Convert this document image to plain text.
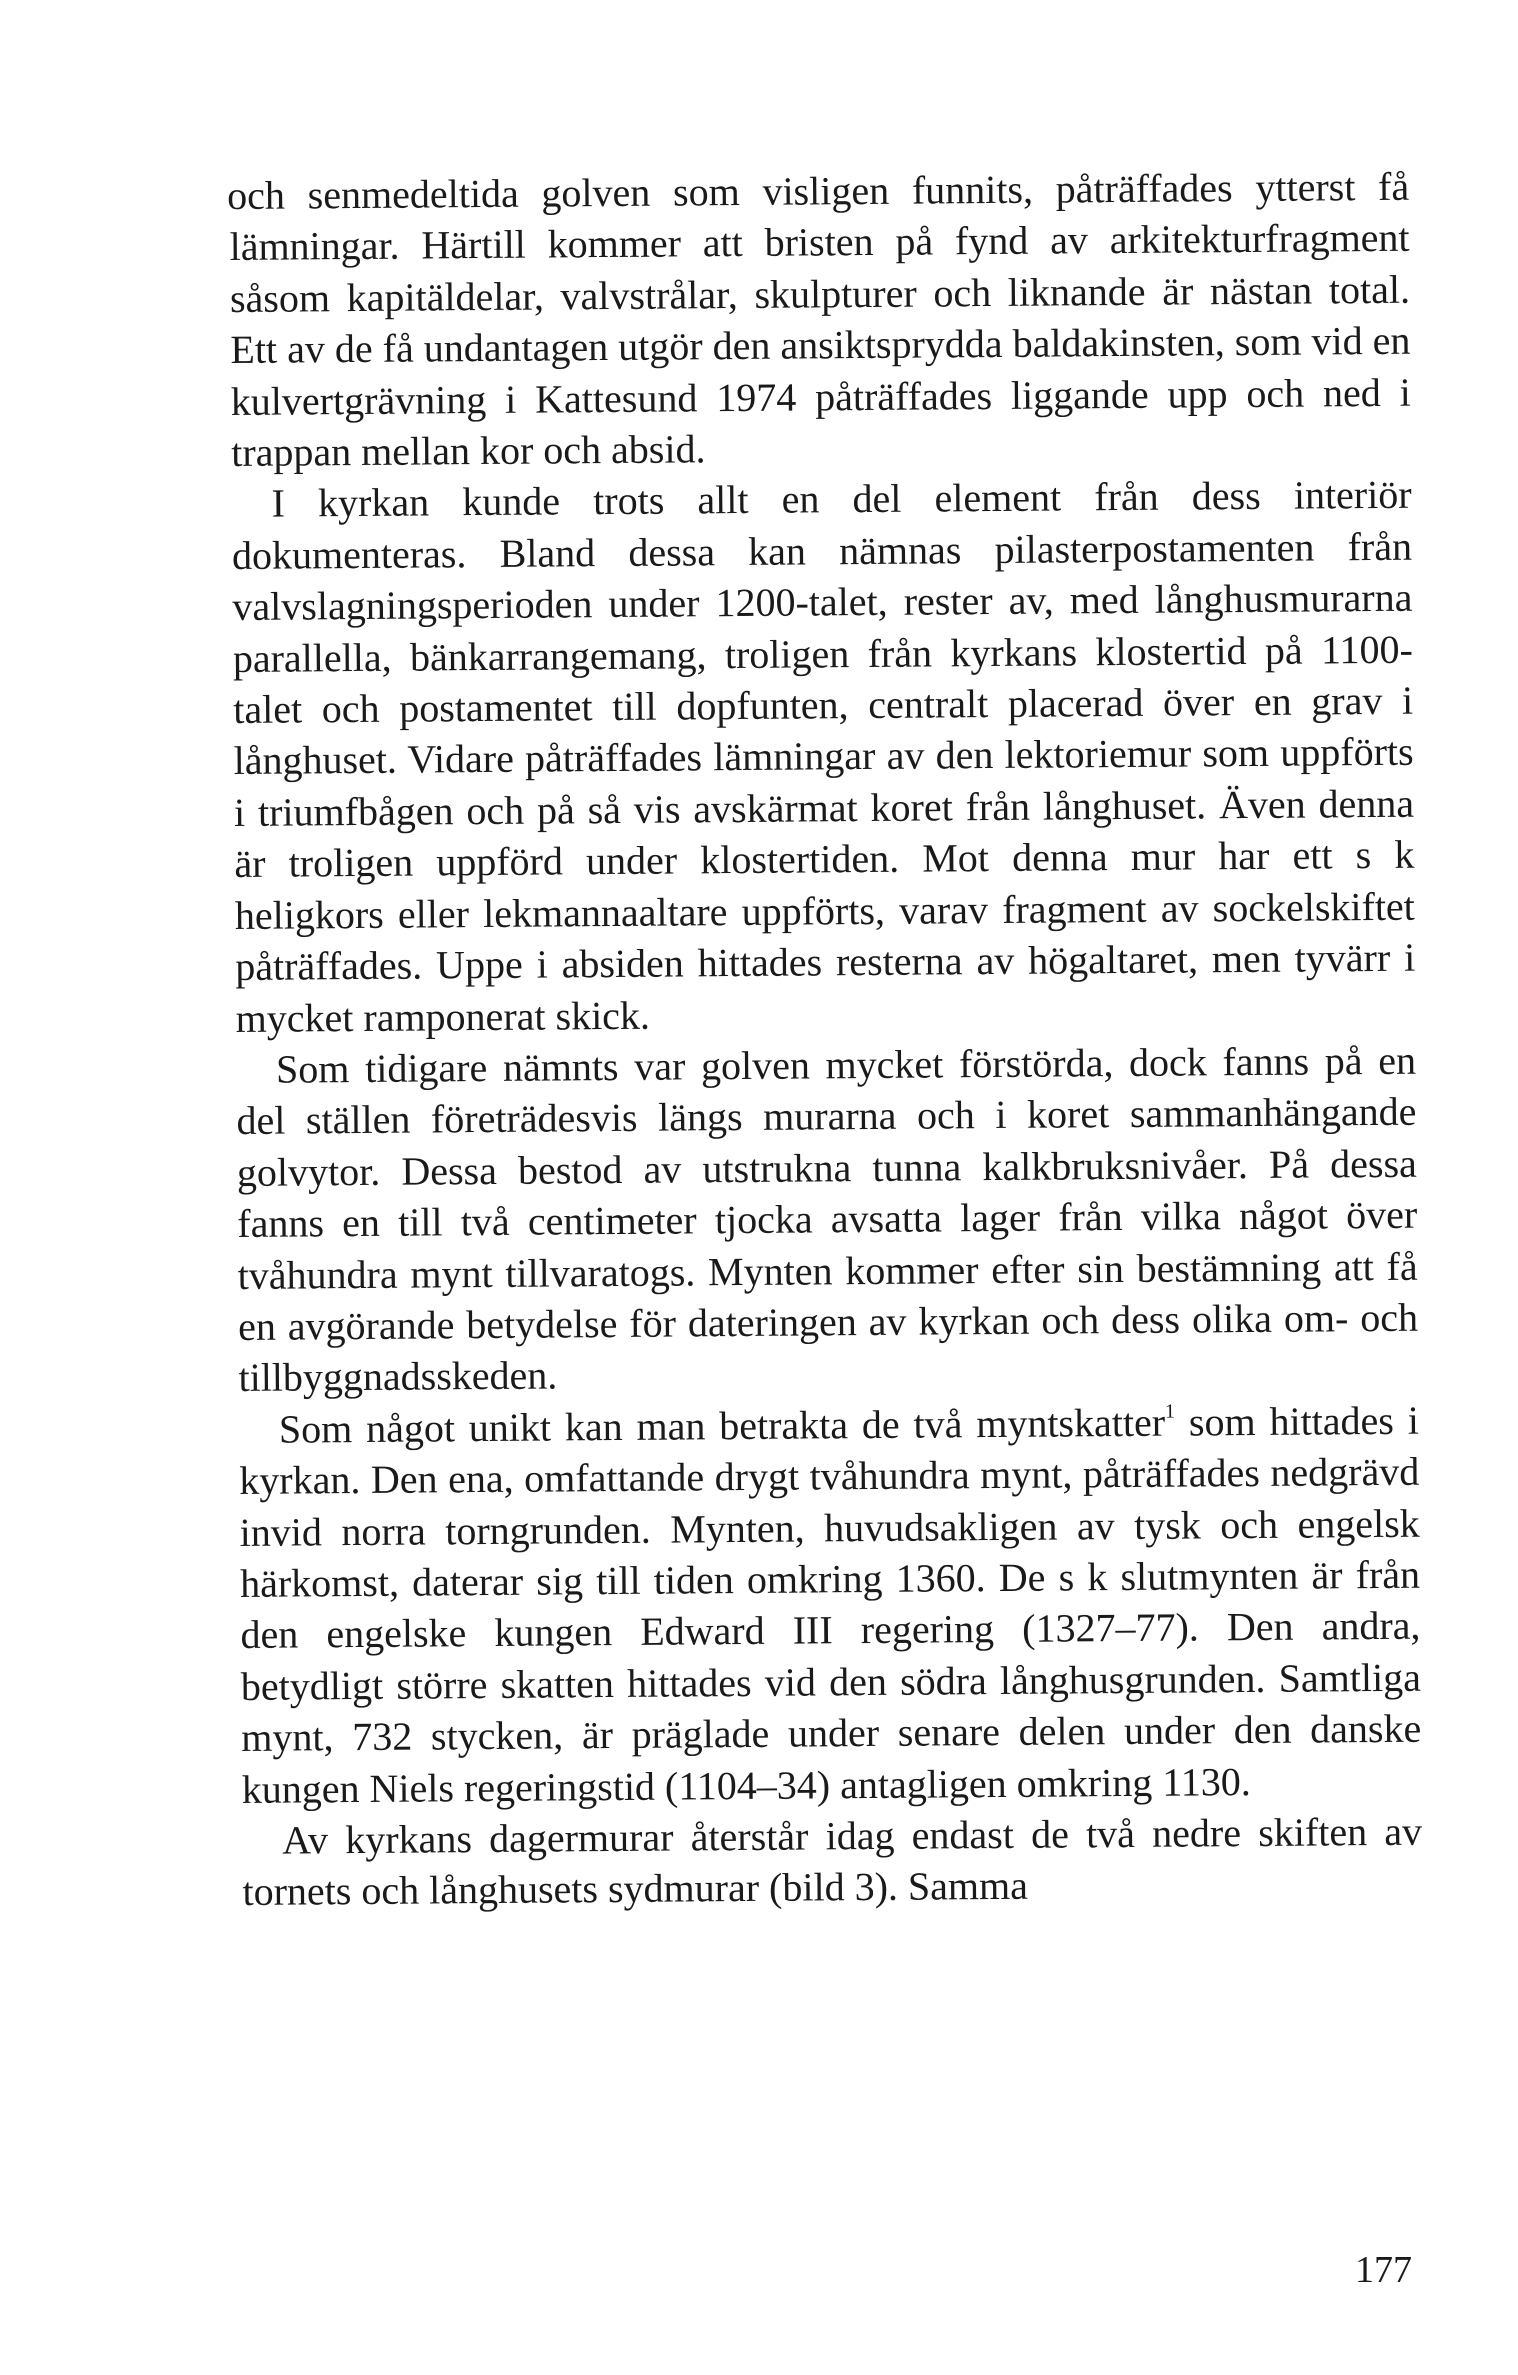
och senmedeltida golven som visligen funnits, påträffades ytterst få lämningar. Härtill kommer att bristen på fynd av arkitekturfragment såsom kapitäldelar, valvstrålar, skulpturer och liknande är nästan total. Ett av de få undantagen utgör den ansiktsprydda baldakinsten, som vid en kulvertgrävning i Kattesund 1974 påträffades liggande upp och ned i trappan mellan kor och absid.

I kyrkan kunde trots allt en del element från dess interiör dokumenteras. Bland dessa kan nämnas pilasterpostamenten från valvslagningsperioden under 1200-talet, rester av, med långhusmurarna parallella, bänkarrangemang, troligen från kyrkans klostertid på 1100-talet och postamentet till dopfunten, centralt placerad över en grav i långhuset. Vidare påträffades lämningar av den lektoriemur som uppförts i triumfbågen och på så vis avskärmat koret från långhuset. Även denna är troligen uppförd under klostertiden. Mot denna mur har ett s k heligkors eller lekmannaaltare uppförts, varav fragment av sockelskiftet påträffades. Uppe i absiden hittades resterna av högaltaret, men tyvärr i mycket ramponerat skick.

Som tidigare nämnts var golven mycket förstörda, dock fanns på en del ställen företrädesvis längs murarna och i koret sammanhängande golvytor. Dessa bestod av utstrukna tunna kalkbruksnivåer. På dessa fanns en till två centimeter tjocka avsatta lager från vilka något över tvåhundra mynt tillvaratogs. Mynten kommer efter sin bestämning att få en avgörande betydelse för dateringen av kyrkan och dess olika om- och tillbyggnadsskeden.

Som något unikt kan man betrakta de två myntskatter$^1$ som hittades i kyrkan. Den ena, omfattande drygt tvåhundra mynt, påträffades nedgrävd invid norra torngrunden. Mynten, huvudsakligen av tysk och engelsk härkomst, daterar sig till tiden omkring 1360. De s k slutmynten är från den engelske kungen Edward III regering (1327–77). Den andra, betydligt större skatten hittades vid den södra långhusgrunden. Samtliga mynt, 732 stycken, är präglade under senare delen under den danske kungen Niels regeringstid (1104–34) antagligen omkring 1130.

Av kyrkans dagermurar återstår idag endast de två nedre skiften av tornets och långhusets sydmurar (bild 3). Samma

177
